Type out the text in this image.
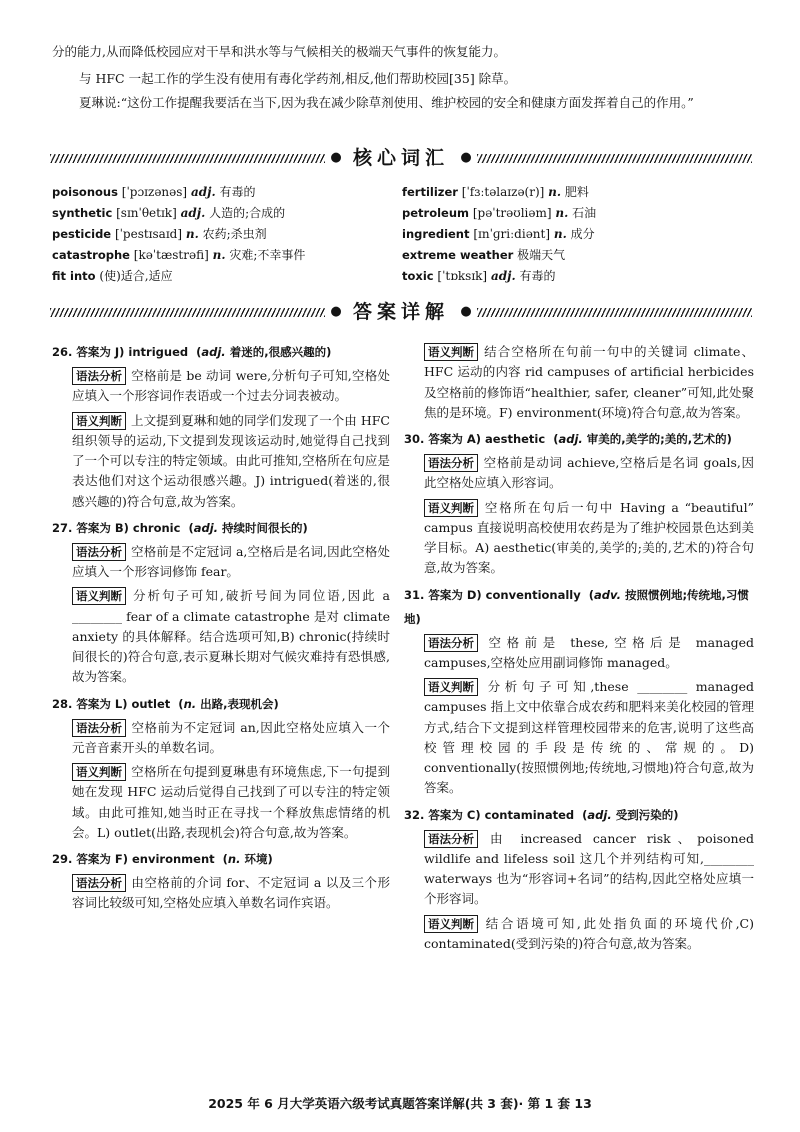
分的能力,从而降低校园应对干旱和洪水等与气候相关的极端天气事件的恢复能力。

与 HFC 一起工作的学生没有使用有毒化学药剂,相反,他们帮助校园[35] 除草。

夏琳说:“这份工作提醒我要活在当下,因为我在减少除草剂使用、维护校园的安全和健康方面发挥着自己的作用。”

● 核心词汇 ●
poisonous [ˈpɔɪzənəs] adj. 有毒的
synthetic [sɪnˈθetɪk] adj. 人造的;合成的
pesticide [ˈpestɪsaɪd] n. 农药;杀虫剂
catastrophe [kəˈtæstrəfi] n. 灾难;不幸事件
fit into (使)适合,适应
fertilizer [ˈfɜːtəlaɪzə(r)] n. 肥料
petroleum [pəˈtrəʊliəm] n. 石油
ingredient [ɪnˈɡriːdiənt] n. 成分
extreme weather 极端天气
toxic [ˈtɒksɪk] adj. 有毒的
● 答案详解 ●

26. 答案为 J) intrigued  (adj. 着迷的,很感兴趣的)

语法分析 空格前是 be 动词 were,分析句子可知,空格处应填入一个形容词作表语或一个过去分词表被动。

语义判断 上文提到夏琳和她的同学们发现了一个由 HFC 组织领导的运动,下文提到发现该运动时,她觉得自己找到了一个可以专注的特定领域。由此可推知,空格所在句应是表达他们对这个运动很感兴趣。J) intrigued(着迷的,很感兴趣的)符合句意,故为答案。

27. 答案为 B) chronic  (adj. 持续时间很长的)

语法分析 空格前是不定冠词 a,空格后是名词,因此空格处应填入一个形容词修饰 fear。

语义判断 分析句子可知,破折号间为同位语,因此 a ________ fear of a climate catastrophe 是对 climate anxiety 的具体解释。结合选项可知,B) chronic(持续时间很长的)符合句意,表示夏琳长期对气候灾难持有恐惧感,故为答案。

28. 答案为 L) outlet  (n. 出路,表现机会)

语法分析 空格前为不定冠词 an,因此空格处应填入一个元音音素开头的单数名词。

语义判断 空格所在句提到夏琳患有环境焦虑,下一句提到她在发现 HFC 运动后觉得自己找到了可以专注的特定领域。由此可推知,她当时正在寻找一个释放焦虑情绪的机会。L) outlet(出路,表现机会)符合句意,故为答案。

29. 答案为 F) environment  (n. 环境)

语法分析 由空格前的介词 for、不定冠词 a 以及三个形容词比较级可知,空格处应填入单数名词作宾语。

语义判断 结合空格所在句前一句中的关键词 climate、HFC 运动的内容 rid campuses of artificial herbicides 及空格前的修饰语“healthier, safer, cleaner”可知,此处聚焦的是环境。F) environment(环境)符合句意,故为答案。

30. 答案为 A) aesthetic  (adj. 审美的,美学的;美的,艺术的)

语法分析 空格前是动词 achieve,空格后是名词 goals,因此空格处应填入形容词。

语义判断 空格所在句后一句中 Having a “beautiful” campus 直接说明高校使用农药是为了维护校园景色达到美学目标。A) aesthetic(审美的,美学的;美的,艺术的)符合句意,故为答案。

31. 答案为 D) conventionally  (adv. 按照惯例地;传统地,习惯地)

语法分析 空格前是 these,空格后是 managed campuses,空格处应用副词修饰 managed。

语义判断 分析句子可知,these ________ managed campuses 指上文中依靠合成农药和肥料来美化校园的管理方式,结合下文提到这样管理校园带来的危害,说明了这些高校管理校园的手段是传统的、常规的。D) conventionally(按照惯例地;传统地,习惯地)符合句意,故为答案。

32. 答案为 C) contaminated  (adj. 受到污染的)

语法分析 由 increased cancer risk、poisoned wildlife and lifeless soil 这几个并列结构可知,________ waterways 也为“形容词+名词”的结构,因此空格处应填一个形容词。

语义判断 结合语境可知,此处指负面的环境代价,C) contaminated(受到污染的)符合句意,故为答案。

2025 年 6 月大学英语六级考试真题答案详解(共 3 套)· 第 1 套 13
